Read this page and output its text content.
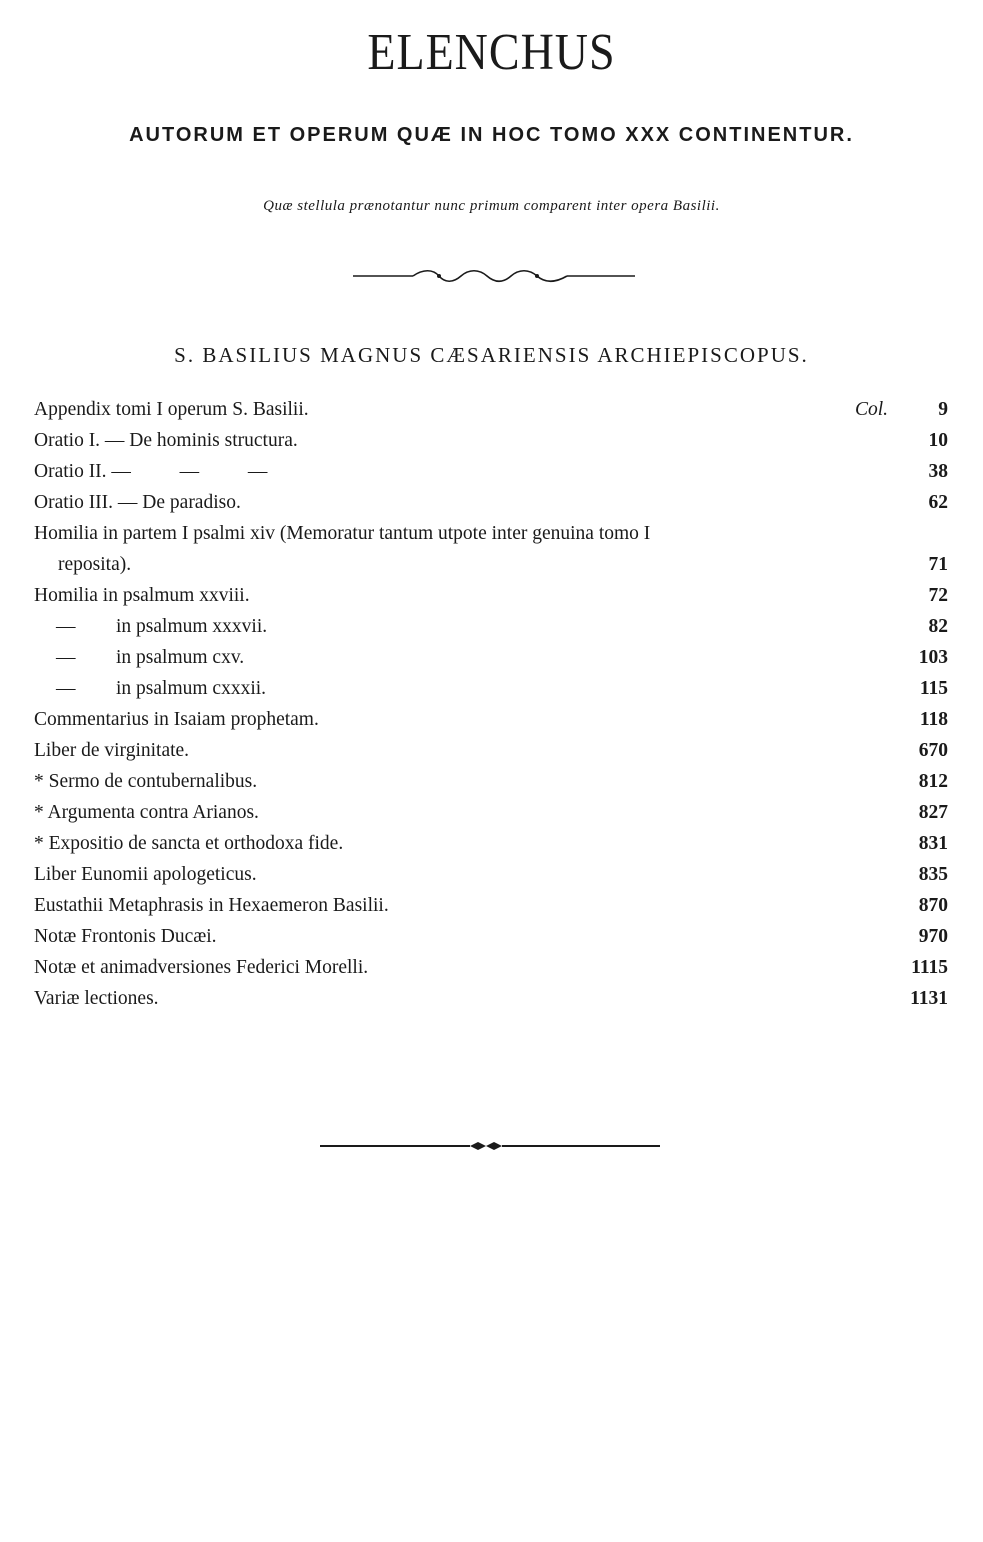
ELENCHUS
AUTORUM ET OPERUM QUÆ IN HOC TOMO XXX CONTINENTUR.
Quæ stellula prænotantur nunc primum comparent inter opera Basilii.
S. BASILIUS MAGNUS CÆSARIENSIS ARCHIEPISCOPUS.
Appendix tomi I operum S. Basilii.	Col.	9
Oratio I. — De hominis structura.	10
Oratio II. —          —          —	38
Oratio III. — De paradiso.	62
Homilia in partem I psalmi xiv (Memoratur tantum utpote inter genuina tomo I
reposita).	71
Homilia in psalmum xxviii.	72
— in psalmum xxxvii.	82
— in psalmum cxv.	103
— in psalmum cxxxii.	115
Commentarius in Isaiam prophetam.	118
Liber de virginitate.	670
* Sermo de contubernalibus.	812
* Argumenta contra Arianos.	827
* Expositio de sancta et orthodoxa fide.	831
Liber Eunomii apologeticus.	835
Eustathii Metaphrasis in Hexaemeron Basilii.	870
Notæ Frontonis Ducæi.	970
Notæ et animadversiones Federici Morelli.	1115
Variæ lectiones.	1131
